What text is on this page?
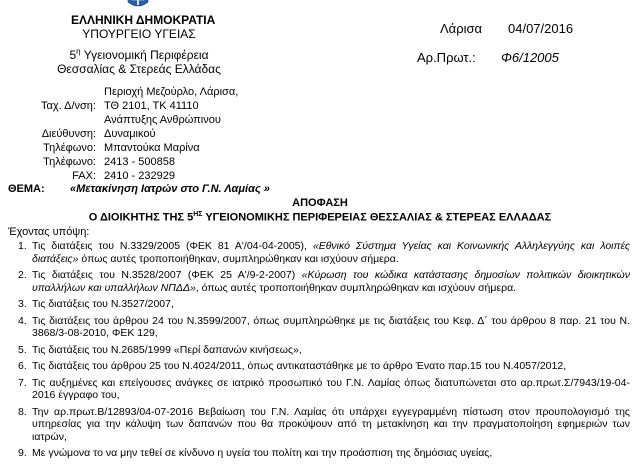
ΕΛΛΗΝΙΚΗ ΔΗΜΟΚΡΑΤΙΑ
ΥΠΟΥΡΓΕΙΟ ΥΓΕΙΑΣ
$5^\eta$ Υγειονομική Περιφέρεια
Θεσσαλίας & Στερεάς Ελλάδας
Λάρισα 04/07/2016
Αρ.Πρωτ.: Φ6/12005
Περιοχή Μεζούρλο, Λάρισα,
Ταχ. Δ/νση: ΤΘ 2101, ΤΚ 41110
Ανάπτυξης Ανθρώπινου
Διεύθυνση: Δυναμικού
Τηλέφωνο: Μπαντούκα Μαρίνα
Τηλέφωνο: 2413 - 500858
FAX: 2410 - 232929
ΘΕΜΑ: «Μετακίνηση Ιατρών στο Γ.Ν. Λαμίας »
ΑΠΟΦΑΣΗ
Ο ΔΙΟΙΚΗΤΗΣ ΤΗΣ $5^{H\Sigma}$ ΥΓΕΙΟΝΟΜΙΚΗΣ ΠΕΡΙΦΕΡΕΙΑΣ ΘΕΣΣΑΛΙΑΣ & ΣΤΕΡΕΑΣ ΕΛΛΑΔΑΣ
Έχοντας υπόψη:
1. Τις διατάξεις του Ν.3329/2005 (ΦΕΚ 81 Α'/04-04-2005), «Εθνικό Σύστημα Υγείας και Κοινωνικής Αλληλεγγύης και λοιπές διατάξεις» όπως αυτές τροποποιήθηκαν, συμπληρώθηκαν και ισχύουν σήμερα.
2. Τις διατάξεις του Ν.3528/2007 (ΦΕΚ 25 Α'/9-2-2007) «Κύρωση του κώδικα κατάστασης δημοσίων πολιτικών διοικητικών υπαλλήλων και υπαλλήλων ΝΠΔΔ», όπως αυτές τροποποιήθηκαν συμπληρώθηκαν και ισχύουν σήμερα.
3. Τις διατάξεις του Ν.3527/2007,
4. Τις διατάξεις του άρθρου 24 του Ν.3599/2007, όπως συμπληρώθηκε με τις διατάξεις του Κεφ. Δ΄ του άρθρου 8 παρ. 21 του Ν. 3868/3-08-2010, ΦΕΚ 129,
5. Τις διατάξεις του Ν.2685/1999 «Περί δαπανών κινήσεως»,
6. Τις διατάξεις του άρθρου 25 του Ν.4024/2011, όπως αντικαταστάθηκε με το άρθρο Ένατο παρ.15 του Ν.4057/2012,
7. Τις αυξημένες και επείγουσες ανάγκες σε ιατρικό προσωπικό του Γ.Ν. Λαμίας όπως διατυπώνεται στο αρ.πρωτ.Σ/7943/19-04-2016 έγγραφο του,
8. Την αρ.πρωτ.Β/12893/04-07-2016 Βεβαίωση του Γ.Ν. Λαμίας ότι υπάρχει εγγεγραμμένη πίστωση στον προυπολογισμό της υπηρεσίας για την κάλυψη των δαπανών που θα προκύψουν από τη μετακίνηση και την πραγματοποίηση εφημεριών των ιατρών,
9. Με γνώμονα το να μην τεθεί σε κίνδυνο η υγεία του πολίτη και την προάσπιση της δημόσιας υγείας,
